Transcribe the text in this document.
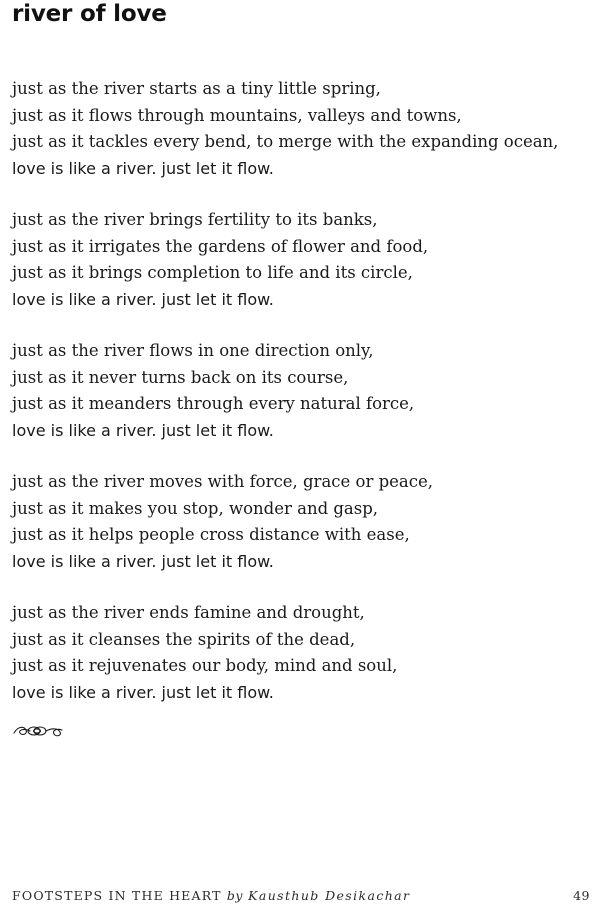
river of love
just as the river starts as a tiny little spring,
just as it flows through mountains, valleys and towns,
just as it tackles every bend, to merge with the expanding ocean,
love is like a river. just let it flow.
just as the river brings fertility to its banks,
just as it irrigates the gardens of flower and food,
just as it brings completion to life and its circle,
love is like a river. just let it flow.
just as the river flows in one direction only,
just as it never turns back on its course,
just as it meanders through every natural force,
love is like a river. just let it flow.
just as the river moves with force, grace or peace,
just as it makes you stop, wonder and gasp,
just as it helps people cross distance with ease,
love is like a river. just let it flow.
just as the river ends famine and drought,
just as it cleanses the spirits of the dead,
just as it rejuvenates our body, mind and soul,
love is like a river. just let it flow.
FOOTSTEPS IN THE HEART by Kausthub Desikachar	49
